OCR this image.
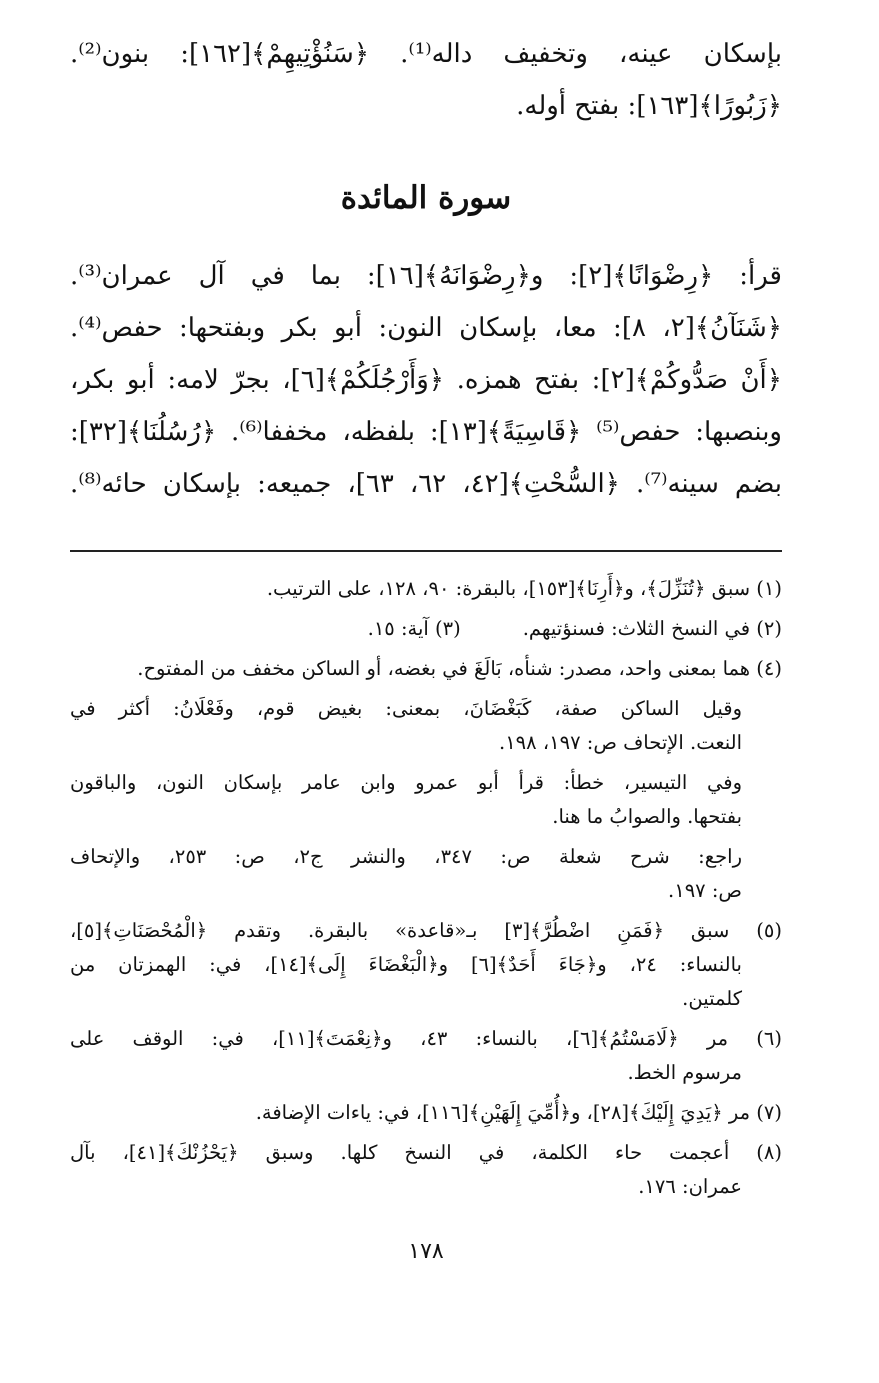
بإسكان عينه، وتخفيف داله⁽¹⁾. ﴿سَنُؤْتِيهِمْ﴾[١٦٢]: بنون⁽²⁾.
﴿زَبُورًا﴾[١٦٣]: بفتح أوله.
سورة المائدة
قرأ: ﴿رِضْوَانًا﴾[٢]: و﴿رِضْوَانَهُ﴾[١٦]: بما في آل عمران⁽³⁾.
﴿شَنَآنُ﴾[٢، ٨]: معا، بإسكان النون: أبو بكر وبفتحها: حفص⁽⁴⁾.
﴿أَنْ صَدُّوكُمْ﴾[٢]: بفتح همزه. ﴿وَأَرْجُلَكُمْ﴾[٦]، بجرّ لامه: أبو بكر،
وبنصبها: حفص⁽⁵⁾ ﴿قَاسِيَةً﴾[١٣]: بلفظه، مخففا⁽⁶⁾. ﴿رُسُلُنَا﴾[٣٢]:
بضم سينه⁽⁷⁾. ﴿السُّحْتِ﴾[٤٢، ٦٢، ٦٣]، جميعه: بإسكان حائه⁽⁸⁾.
(١) سبق ﴿تُنَزِّلَ﴾، و﴿أَرِنَا﴾[١٥٣]، بالبقرة: ٩٠، ١٢٨، على الترتيب.
(٢) في النسخ الثلاث: فسنؤتيهم.          (٣) آية: ١٥.
(٤) هما بمعنى واحد، مصدر: شنأه، بَالَغَ في بغضه، أو الساكن مخفف من المفتوح.
وقيل الساكن صفة، كَبَغْضَانَ، بمعنى: بغيض قوم، وفَعْلَانُ: أكثر في
النعت. الإتحاف ص: ١٩٧، ١٩٨.
وفي التيسير، خطأ: قرأ أبو عمرو وابن عامر بإسكان النون، والباقون
بفتحها. والصوابُ ما هنا.
راجع: شرح شعلة ص: ٣٤٧، والنشر ج٢، ص: ٢٥٣، والإتحاف
ص: ١٩٧.
(٥) سبق ﴿فَمَنِ اضْطُرَّ﴾[٣] بـ«قاعدة» بالبقرة. وتقدم ﴿الْمُحْصَنَاتِ﴾[٥]،
بالنساء: ٢٤، و﴿جَاءَ أَحَدٌ﴾[٦] و﴿الْبَغْضَاءَ إِلَى﴾[١٤]، في: الهمزتان من
كلمتين.
(٦) مر ﴿لَامَسْتُمُ﴾[٦]، بالنساء: ٤٣، و﴿نِعْمَتَ﴾[١١]، في: الوقف على
مرسوم الخط.
(٧) مر ﴿يَدِيَ إِلَيْكَ﴾[٢٨]، و﴿أُمِّيَ إِلَهَيْنِ﴾[١١٦]، في: ياءات الإضافة.
(٨) أعجمت حاء الكلمة، في النسخ كلها. وسبق ﴿يَحْزُنْكَ﴾[٤١]، بآل
عمران: ١٧٦.
١٧٨
